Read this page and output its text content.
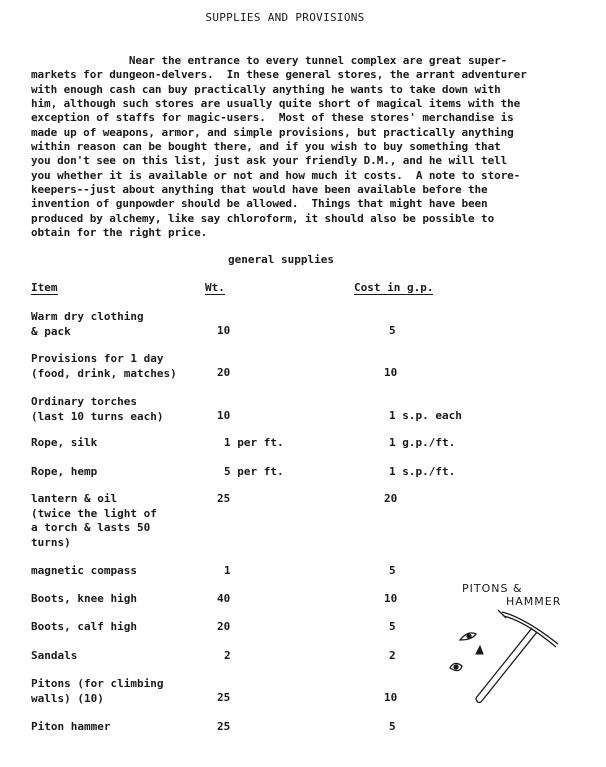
SUPPLIES AND PROVISIONS
Near the entrance to every tunnel complex are great super-
markets for dungeon-delvers.  In these general stores, the arrant adventurer
with enough cash can buy practically anything he wants to take down with
him, although such stores are usually quite short of magical items with the
exception of staffs for magic-users.  Most of these stores' merchandise is
made up of weapons, armor, and simple provisions, but practically anything
within reason can be bought there, and if you wish to buy something that
you don't see on this list, just ask your friendly D.M., and he will tell
you whether it is available or not and how much it costs.  A note to store-
keepers--just about anything that would have been available before the
invention of gunpowder should be allowed.  Things that might have been
produced by alchemy, like say chloroform, it should also be possible to
obtain for the right price.
general supplies
Item	Wt.	Cost in g.p.
Warm dry clothing
& pack	10	5
Provisions for 1 day
(food, drink, matches)	20	10
Ordinary torches
(last 10 turns each)	10	1 s.p. each
Rope, silk	1 per ft.	1 g.p./ft.
Rope, hemp	5 per ft.	1 s.p./ft.
lantern & oil
(twice the light of
a torch & lasts 50
turns)
25	20
magnetic compass	1	5
Boots, knee high	40	10
Boots, calf high	20	5
Sandals	2	2
Pitons (for climbing
walls) (10)	25	10
Piton hammer	25	5
PITONS &
HAMMER
